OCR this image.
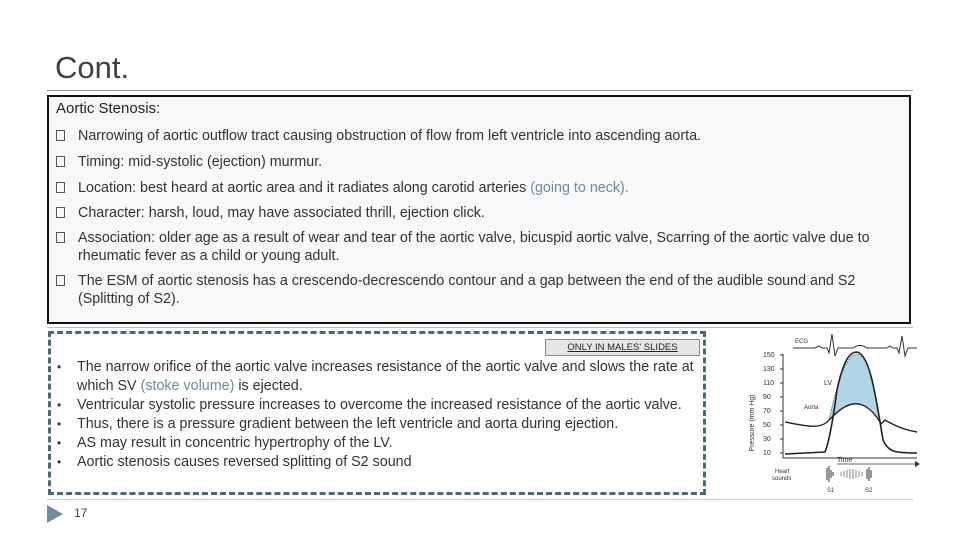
Cont.
Aortic Stenosis:
Narrowing of aortic outflow tract causing obstruction of flow from left ventricle into ascending aorta.
Timing: mid-systolic (ejection) murmur.
Location: best heard at aortic area and it radiates along carotid arteries (going to neck).
Character: harsh, loud, may have associated thrill, ejection click.
Association: older age as a result of wear and tear of the aortic valve, bicuspid aortic valve, Scarring of the aortic valve due to rheumatic fever as a child or young adult.
The ESM of aortic stenosis has a crescendo-decrescendo contour and a gap between the end of the audible sound and S2 (Splitting of S2).
ONLY IN MALES' SLIDES
• The narrow orifice of the aortic valve increases resistance of the aortic valve and slows the rate at which SV (stoke volume) is ejected.
• Ventricular systolic pressure increases to overcome the increased resistance of the aortic valve.
• Thus, there is a pressure gradient between the left ventricle and aorta during ejection.
• AS may result in concentric hypertrophy of the LV.
• Aortic stenosis causes reversed splitting of S2 sound
ECG
Pressure (mm Hg)
150
130
110
90
70
50
30
10
LV
Aorta
Time
Heart sounds
S1	S2
17
